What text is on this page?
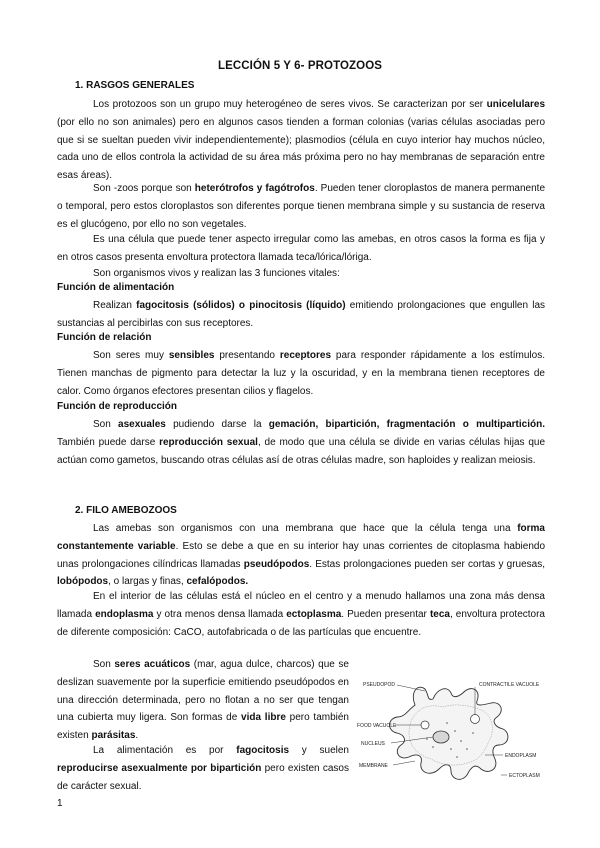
LECCIÓN 5 Y 6- PROTOZOOS
1. RASGOS GENERALES

Los protozoos son un grupo muy heterogéneo de seres vivos. Se caracterizan por ser unicelulares (por ello no son animales) pero en algunos casos tienden a forman colonias (varias células asociadas pero que si se sueltan pueden vivir independientemente); plasmodios (célula en cuyo interior hay muchos núcleo, cada uno de ellos controla la actividad de su área más próxima pero no hay membranas de separación entre esas áreas).

Son -zoos porque son heterótrofos y fagótrofos. Pueden tener cloroplastos de manera permanente o temporal, pero estos cloroplastos son diferentes porque tienen membrana simple y su sustancia de reserva es el glucógeno, por ello no son vegetales.

Es una célula que puede tener aspecto irregular como las amebas, en otros casos la forma es fija y en otros casos presenta envoltura protectora llamada teca/lórica/lóriga.

Son organismos vivos y realizan las 3 funciones vitales:

Función de alimentación

Realizan fagocitosis (sólidos) o pinocitosis (líquido) emitiendo prolongaciones que engullen las sustancias al percibirlas con sus receptores.

Función de relación

Son seres muy sensibles presentando receptores para responder rápidamente a los estímulos. Tienen manchas de pigmento para detectar la luz y la oscuridad, y en la membrana tienen receptores de calor. Como órganos efectores presentan cilios y flagelos.

Función de reproducción

Son asexuales pudiendo darse la gemación, bipartición, fragmentación o multipartición. También puede darse reproducción sexual, de modo que una célula se divide en varias células hijas que actúan como gametos, buscando otras células así de otras células madre, son haploides y realizan meiosis.

2. FILO AMEBOZOOS

Las amebas son organismos con una membrana que hace que la célula tenga una forma constantemente variable. Esto se debe a que en su interior hay unas corrientes de citoplasma habiendo unas prolongaciones cilíndricas llamadas pseudópodos. Estas prolongaciones pueden ser cortas y gruesas, lobópodos, o largas y finas, cefalópodos.

En el interior de las células está el núcleo en el centro y a menudo hallamos una zona más densa llamada endoplasma y otra menos densa llamada ectoplasma. Pueden presentar teca, envoltura protectora de diferente composición: CaCO, autofabricada o de las partículas que encuentre.

Son seres acuáticos (mar, agua dulce, charcos) que se deslizan suavemente por la superficie emitiendo pseudópodos en una dirección determinada, pero no flotan a no ser que tengan una cubierta muy ligera. Son formas de vida libre pero también existen parásitas.

La alimentación es por fagocitosis y suelen reproducirse asexualmente por bipartición pero existen casos de carácter sexual.

PSEUDOPOD	CONTRACTILE VACUOLE
FOOD VACUOLE
NUCLEUS
ENDOPLASM
MEMBRANE
ECTOPLASM
1
